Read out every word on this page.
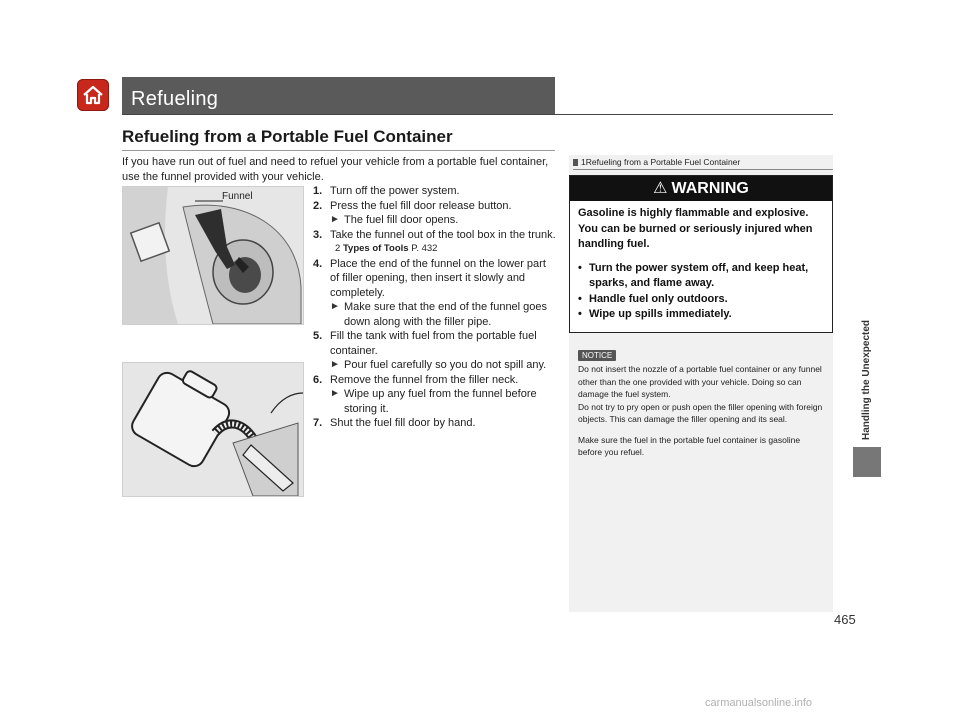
Refueling
Refueling from a Portable Fuel Container
If you have run out of fuel and need to refuel your vehicle from a portable fuel container, use the funnel provided with your vehicle.
Funnel	1. Turn off the power system.
2. Press the fuel fill door release button.
► The fuel fill door opens.
3. Take the funnel out of the tool box in the trunk.
2 Types of Tools P. 432
4. Place the end of the funnel on the lower part of filler opening, then insert it slowly and completely.
► Make sure that the end of the funnel goes down along with the filler pipe.
5. Fill the tank with fuel from the portable fuel container.
► Pour fuel carefully so you do not spill any.
6. Remove the funnel from the filler neck.
► Wipe up any fuel from the funnel before storing it.
7. Shut the fuel fill door by hand.
1Refueling from a Portable Fuel Container
⚠ WARNING
Gasoline is highly flammable and explosive. You can be burned or seriously injured when handling fuel.
• Turn the power system off, and keep heat, sparks, and flame away.
• Handle fuel only outdoors.
• Wipe up spills immediately.
NOTICE

Do not insert the nozzle of a portable fuel container or any funnel other than the one provided with your vehicle. Doing so can damage the fuel system.

Do not try to pry open or push open the filler opening with foreign objects. This can damage the filler opening and its seal.

Make sure the fuel in the portable fuel container is gasoline before you refuel.

Handling the Unexpected
465
carmanualsonline.info
